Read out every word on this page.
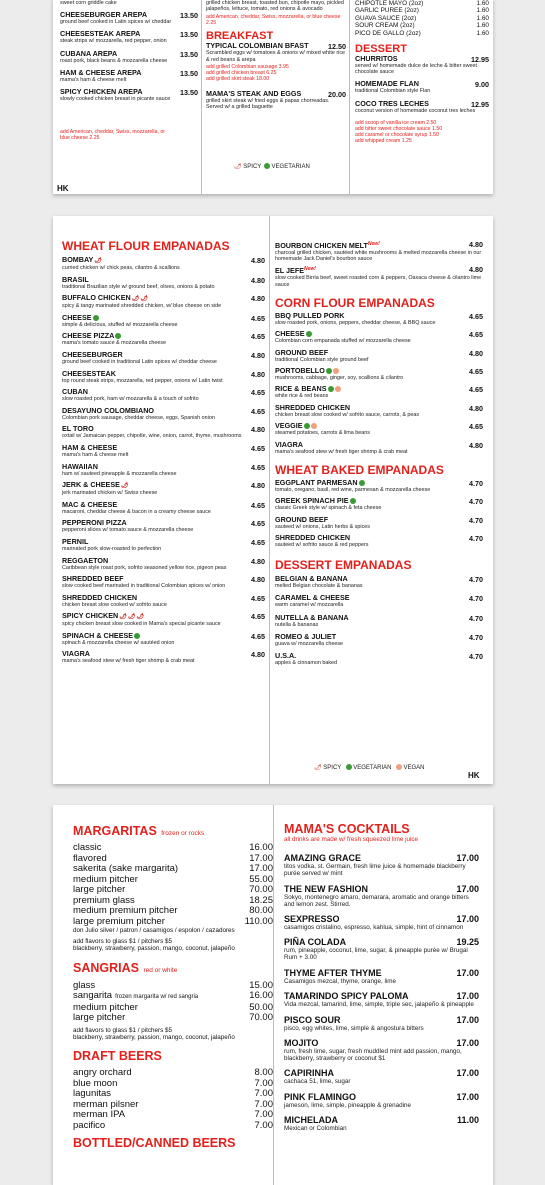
sweet corn griddle cake
CHEESEBURGER AREPA	13.50
ground beef cooked in Latin spices w/ cheddar
CHEESESTEAK AREPA	13.50
steak strips w/ mozzarella, red pepper, onion
CUBANA AREPA	13.50
roast pork, black beans & mozzarella cheese
HAM & CHEESE AREPA	13.50
mama's ham & cheese melt
SPICY CHICKEN AREPA	13.50
slowly cooked chicken breast in picante sauce
add American, cheddar, Swiss, mozzarella, or blue cheese 2.25
grilled chicken breast, toasted bun, chipotle mayo, pickled jalapeños, lettuce, tomato, red onions & avocado
add American, cheddar, Swiss, mozzarella, or blue cheese 2.25
BREAKFAST
TYPICAL COLOMBIAN BFAST	12.50
Scrambled eggs w/ tomatoes & onions w/ mixed white rice & red beans & arepa
add grilled Colombian sausage 3.95
add grilled chicken breast 6.25
add grilled skirt steak 18.00
MAMA'S STEAK AND EGGS	20.00
grilled skirt steak w/ fried eggs & papas chorreadas. Served w/ a grilled baguette
CHIPOTLE MAYO (2oz)	1.60
GARLIC PUREE (2oz)	1.60
GUAVA SAUCE (2oz)	1.60
SOUR CREAM (2oz)	1.60
PICO DE GALLO (2oz)	1.60
DESSERT
CHURRITOS	12.95
served w/ homemade dulce de leche & bitter sweet chocolate sauce
HOMEMADE FLAN	9.00
traditional Colombian style Flan
COCO TRES LECHES	12.95
coconut version of homemade coconut tres leches
add scoop of vanilla ice cream 2.50
add bitter sweet chocolate sauce 1.50
add caramel or chocolate syrup 1.50
add whipped cream 1.25
🌶 SPICY VEGETARIAN
HK
WHEAT FLOUR EMPANADAS
BOMBAY🌶	4.80
curried chicken w/ chick peas, cilantro & scallions
BRASIL	4.80
traditional Brazilian style w/ ground beef, olives, onions & potato
BUFFALO CHICKEN🌶🌶	4.80
spicy & tangy marinated shredded chicken, w/ blue cheese on side
CHEESE	4.65
simple & delicious, stuffed w/ mozzarella cheese
CHEESE PIZZA	4.65
mama's tomato sauce & mozzarella cheese
CHEESEBURGER	4.80
ground beef cooked in traditional Latin spices w/ cheddar cheese
CHEESESTEAK	4.80
top round steak strips, mozzarella, red pepper, onions w/ Latin twist
CUBAN	4.65
slow roasted pork, ham w/ mozzarella & a touch of sofrito
DESAYUNO COLOMBIANO	4.65
Colombian pork sausage, cheddar cheese, eggs, Spanish onion
EL TORO	4.80
oxtail w/ Jamaican pepper, chipotle, wine, onion, carrot, thyme, mushrooms
HAM & CHEESE	4.65
mama's ham & cheese melt
HAWAIIAN	4.65
ham w/ sauteed pineapple & mozzarella cheese
JERK & CHEESE🌶	4.80
jerk marinated chicken w/ Swiss cheese
MAC & CHEESE	4.65
macaroni, cheddar cheese & bacon in a creamy cheese sauce
PEPPERONI PIZZA	4.65
pepperoni slices w/ tomato sauce & mozzarella cheese
PERNIL	4.65
marinated pork slow-roasted to perfection
REGGAETON	4.80
Caribbean style roast pork, sofrito seasoned yellow rice, pigeon peas
SHREDDED BEEF	4.80
slow cooked beef marinated in traditional Colombian spices w/ onion
SHREDDED CHICKEN	4.65
chicken breast slow cooked w/ sofrito sauce
SPICY CHICKEN🌶🌶🌶	4.65
spicy chicken breast slow cooked in Mama's special picante sauce
SPINACH & CHEESE	4.65
spinach & mozzarella cheese w/ sautéed onion
VIAGRA	4.80
mama's seafood stew w/ fresh tiger shrimp & crab meat
BOURBON CHICKEN $MELT^{New!}$	4.80
charcoal grilled chicken, sautéed white mushrooms & melted mozzarella cheese in our homemade Jack Daniel's bourbon sauce
EL $JEFE^{New!}$	4.80
slow cooked Birria beef, sweet roasted corn & peppers, Oaxaca cheese & cilantro lime sauce
CORN FLOUR EMPANADAS
BBQ PULLED PORK	4.65
slow roasted pork, onions, peppers, cheddar cheese, & BBQ sauce
CHEESE	4.65
Colombian corn empanada stuffed w/ mozzarella cheese
GROUND BEEF	4.80
traditional Colombian style ground beef
PORTOBELLO	4.65
mushrooms, cabbage, ginger, soy, scallions & cilantro
RICE & BEANS	4.65
white rice & red beans
SHREDDED CHICKEN	4.80
chicken breast slow cooked w/ sofrito sauce, carrots, & peas
VEGGIE	4.65
steamed potatoes, carrots & lima beans
VIAGRA	4.80
mama's seafood stew w/ fresh tiger shrimp & crab meat
WHEAT BAKED EMPANADAS
EGGPLANT PARMESAN	4.70
tomato, oregano, basil, red wine, parmesan & mozzarella cheese
GREEK SPINACH PIE	4.70
classic Greek style w/ spinach & feta cheese
GROUND BEEF	4.70
sauteed w/ onions, Latin herbs & spices
SHREDDED CHICKEN	4.70
sauteed w/ sofrito sauce & red peppers
DESSERT EMPANADAS
BELGIAN & BANANA	4.70
melted Belgian chocolate & bananas
CARAMEL & CHEESE	4.70
warm caramel w/ mozzarella
NUTELLA & BANANA	4.70
nutella & bananas
ROMEO & JULIET	4.70
guava w/ mozzarella cheese
U.S.A.	4.70
apples & cinnamon baked
🌶 SPICY VEGETARIAN VEGAN
HK
MARGARITAS frozen or rocks
classic	16.00
flavored	17.00
sakerita (sake margarita)	17.00
medium pitcher	55.00
large pitcher	70.00
premium glass	18.25
medium premium pitcher	80.00
large premium pitcher	110.00
don Julio silver / patron / casamigos / espolon / cazadores
add flavors to glass $1 / pitchers $5
blackberry, strawberry, passion, mango, coconut, jalapeño
SANGRIAS red or white
glass	15.00
sangarita frozen margarita w/ red sangria	16.00
medium pitcher	50.00
large pitcher	70.00
add flavors to glass $1 / pitchers $5
blackberry, strawberry, passion, mango, coconut, jalapeño
DRAFT BEERS
angry orchard	8.00
blue moon	7.00
lagunitas	7.00
merman pilsner	7.00
merman IPA	7.00
pacifico	7.00
BOTTLED/CANNED BEERS
MAMA'S COCKTAILS
all drinks are made w/ fresh squeezed lime juice
AMAZING GRACE	17.00
titos vodka, st. Germain, fresh lime juice & homemade blackberry purée served w/ mint
THE NEW FASHION	17.00
Sokyo, montenegro amaro, demarara, aromatic and orange bitters and lemon zest. Stirred.
SEXPRESSO	17.00
casamigos cristalino, espresso, kahlua, simple, hint of cinnamon
PIÑA COLADA	19.25
rum, pineapple, coconut, lime, sugar, & pineapple purée w/ Brugal Rum + 3.00
THYME AFTER THYME	17.00
Casamigos mezcal, thyme, orange, lime
TAMARINDO SPICY PALOMA	17.00
Vida mezcal, tamarind, lime, simple, triple sec, jalapeño & pineapple
PISCO SOUR	17.00
pisco, egg whites, lime, simple & angostura bitters
MOJITO	17.00
rum, fresh lime, sugar, fresh muddled mint add passion, mango, blackberry, strawberry or coconut $1
CAPIRINHA	17.00
cachaca 51, lime, sugar
PINK FLAMINGO	17.00
jameson, lime, simple, pineapple & grenadine
MICHELADA	11.00
Mexican or Colombian
